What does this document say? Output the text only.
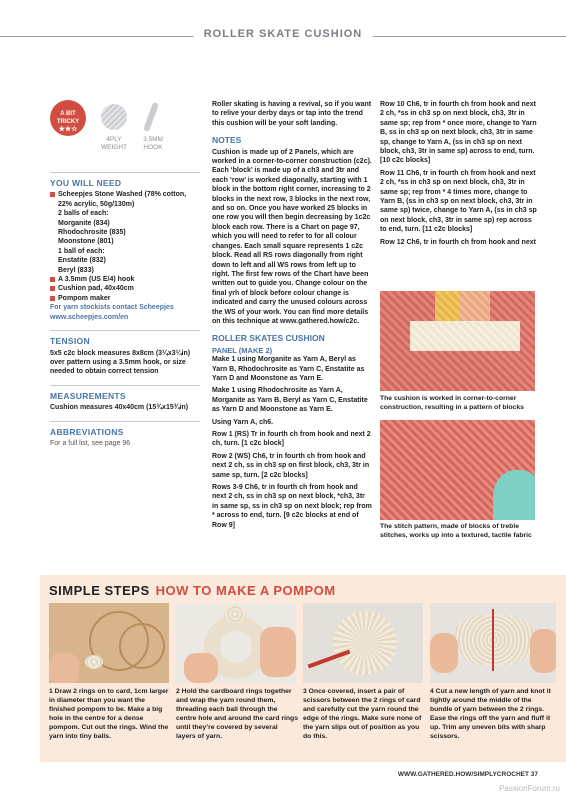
ROLLER SKATE CUSHION
A BIT
TRICKY
★★☆
4PLY
WEIGHT
3.5MM
HOOK
YOU WILL NEED
Scheepjes Stone Washed (78% cotton, 22% acrylic, 50g/130m)
2 balls of each:
Morganite (834)
Rhodochrosite (835)
Moonstone (801)
1 ball of each:
Enstatite (832)
Beryl (833)
A 3.5mm (US E/4) hook
Cushion pad, 40x40cm
Pompom maker
For yarn stockists contact Scheepjes
www.scheepjes.com/en
TENSION
5x5 c2c block measures 8x8cm (3¼x3¼in) over pattern using a 3.5mm hook, or size needed to obtain correct tension
MEASUREMENTS
Cushion measures 40x40cm (15¾x15¾in)
ABBREVIATIONS
For a full list, see page 96

Roller skating is having a revival, so if you want to relive your derby days or tap into the trend this cushion will be your soft landing.

NOTES

Cushion is made up of 2 Panels, which are worked in a corner-to-corner construction (c2c). Each ‘block’ is made up of a ch3 and 3tr and each ‘row’ is worked diagonally, starting with 1 block in the bottom right corner, increasing to 2 blocks in the next row, 3 blocks in the next row, and so on. Once you have worked 25 blocks in one row you will then begin decreasing by 1c2c block each row. There is a Chart on page 97, which you will need to refer to for all colour changes. Each small square represents 1 c2c block. Read all RS rows diagonally from right down to left and all WS rows from left up to right. The first few rows of the Chart have been written out to guide you. Change colour on the final yrh of block before colour change is indicated and carry the unused colours across the WS of your work. You can find more details on this technique at www.gathered.how/c2c.

ROLLER SKATES CUSHION
PANEL (MAKE 2)

Make 1 using Morganite as Yarn A, Beryl as Yarn B, Rhodochrosite as Yarn C, Enstatite as Yarn D and Moonstone as Yarn E.

Make 1 using Rhodochrosite as Yarn A, Morganite as Yarn B, Beryl as Yarn C, Enstatite as Yarn D and Moonstone as Yarn E.

Using Yarn A, ch6.

Row 1 (RS) Tr in fourth ch from hook and next 2 ch, turn. [1 c2c block]

Row 2 (WS) Ch6, tr in fourth ch from hook and next 2 ch, ss in ch3 sp on first block, ch3, 3tr in same sp, turn. [2 c2c blocks]

Rows 3-9 Ch6, tr in fourth ch from hook and next 2 ch, ss in ch3 sp on next block, *ch3, 3tr in same sp, ss in ch3 sp on next block; rep from * across to end, turn. [9 c2c blocks at end of Row 9]

Row 10 Ch6, tr in fourth ch from hook and next 2 ch, *ss in ch3 sp on next block, ch3, 3tr in same sp; rep from * once more, change to Yarn B, ss in ch3 sp on next block, ch3, 3tr in same sp, change to Yarn A, (ss in ch3 sp on next block, ch3, 3tr in same sp) across to end, turn. [10 c2c blocks]

Row 11 Ch6, tr in fourth ch from hook and next 2 ch, *ss in ch3 sp on next block, ch3, 3tr in same sp; rep from * 4 times more, change to Yarn B, (ss in ch3 sp on next block, ch3, 3tr in same sp) twice, change to Yarn A, (ss in ch3 sp on next block, ch3, 3tr in same sp) rep across to end, turn. [11 c2c blocks]

Row 12 Ch6, tr in fourth ch from hook and next

The cushion is worked in corner-to-corner construction, resulting in a pattern of blocks
The stitch pattern, made of blocks of treble stitches, works up into a textured, tactile fabric
SIMPLE STEPS HOW TO MAKE A POMPOM
1 Draw 2 rings on to card, 1cm larger in diameter than you want the finished pompom to be. Make a big hole in the centre for a dense pompom. Cut out the rings. Wind the yarn into tiny balls.
2 Hold the cardboard rings together and wrap the yarn round them, threading each ball through the centre hole and around the card rings until they’re covered by several layers of yarn.
3 Once covered, insert a pair of scissors between the 2 rings of card and carefully cut the yarn round the edge of the rings. Make sure none of the yarn slips out of position as you do this.
4 Cut a new length of yarn and knot it tightly around the middle of the bundle of yarn between the 2 rings. Ease the rings off the yarn and fluff it up. Trim any uneven bits with sharp scissors.
WWW.GATHERED.HOW/SIMPLYCROCHET 37
PassionForum.ru
